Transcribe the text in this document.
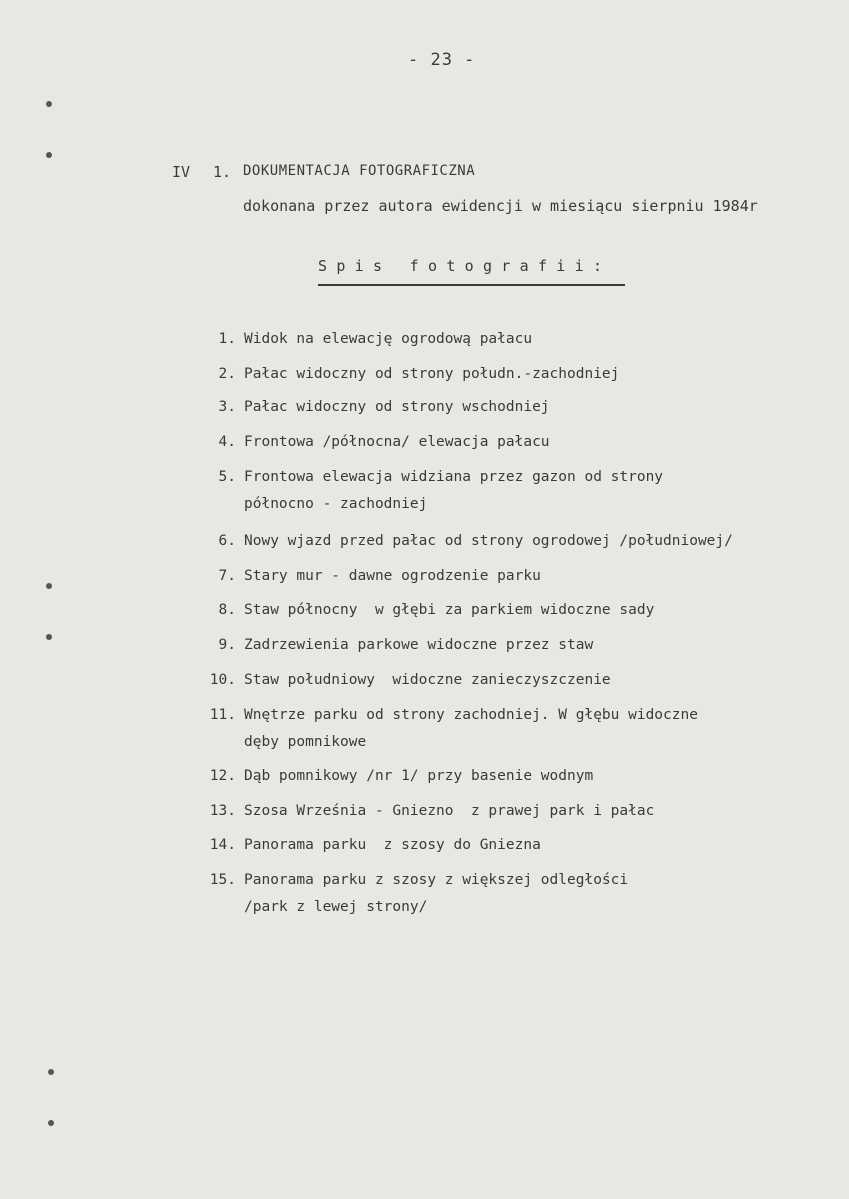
- 23 -
IV 1. DOKUMENTACJA FOTOGRAFICZNA
dokonana przez autora ewidencji w miesiącu sierpniu 1984r
Spis fotografii:
1. Widok na elewację ogrodową pałacu
2. Pałac widoczny od strony połudn.-zachodniej
3. Pałac widoczny od strony wschodniej
4. Frontowa /północna/ elewacja pałacu
5. Frontowa elewacja widziana przez gazon od strony
północno - zachodniej
6. Nowy wjazd przed pałac od strony ogrodowej /południowej/
7. Stary mur - dawne ogrodzenie parku
8. Staw północny  w głębi za parkiem widoczne sady
9. Zadrzewienia parkowe widoczne przez staw
10. Staw południowy  widoczne zanieczyszczenie
11. Wnętrze parku od strony zachodniej. W głębu widoczne
dęby pomnikowe
12. Dąb pomnikowy /nr 1/ przy basenie wodnym
13. Szosa Września - Gniezno  z prawej park i pałac
14. Panorama parku  z szosy do Gniezna
15. Panorama parku z szosy z większej odległości
/park z lewej strony/
